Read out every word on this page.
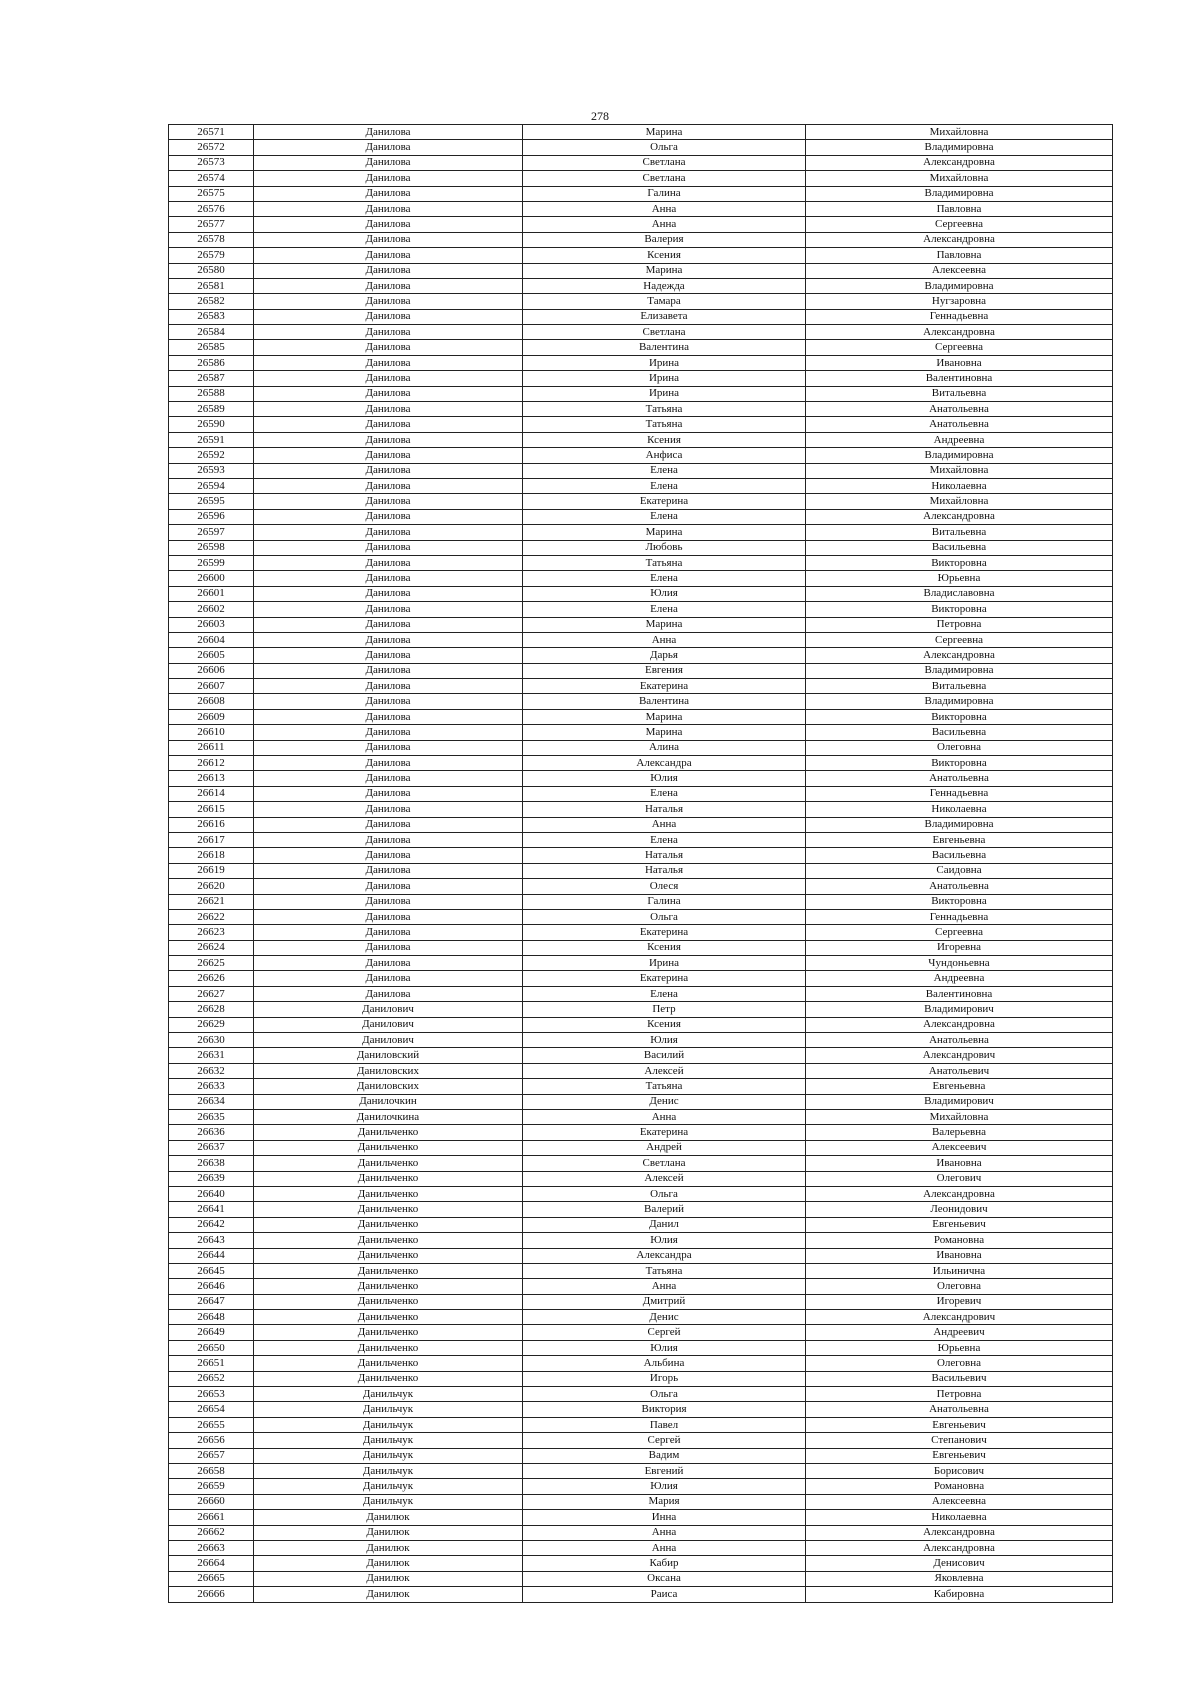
278
26571	Данилова	Марина	Михайловна
26572	Данилова	Ольга	Владимировна
26573	Данилова	Светлана	Александровна
26574	Данилова	Светлана	Михайловна
26575	Данилова	Галина	Владимировна
26576	Данилова	Анна	Павловна
26577	Данилова	Анна	Сергеевна
26578	Данилова	Валерия	Александровна
26579	Данилова	Ксения	Павловна
26580	Данилова	Марина	Алексеевна
26581	Данилова	Надежда	Владимировна
26582	Данилова	Тамара	Нугзаровна
26583	Данилова	Елизавета	Геннадьевна
26584	Данилова	Светлана	Александровна
26585	Данилова	Валентина	Сергеевна
26586	Данилова	Ирина	Ивановна
26587	Данилова	Ирина	Валентиновна
26588	Данилова	Ирина	Витальевна
26589	Данилова	Татьяна	Анатольевна
26590	Данилова	Татьяна	Анатольевна
26591	Данилова	Ксения	Андреевна
26592	Данилова	Анфиса	Владимировна
26593	Данилова	Елена	Михайловна
26594	Данилова	Елена	Николаевна
26595	Данилова	Екатерина	Михайловна
26596	Данилова	Елена	Александровна
26597	Данилова	Марина	Витальевна
26598	Данилова	Любовь	Васильевна
26599	Данилова	Татьяна	Викторовна
26600	Данилова	Елена	Юрьевна
26601	Данилова	Юлия	Владиславовна
26602	Данилова	Елена	Викторовна
26603	Данилова	Марина	Петровна
26604	Данилова	Анна	Сергеевна
26605	Данилова	Дарья	Александровна
26606	Данилова	Евгения	Владимировна
26607	Данилова	Екатерина	Витальевна
26608	Данилова	Валентина	Владимировна
26609	Данилова	Марина	Викторовна
26610	Данилова	Марина	Васильевна
26611	Данилова	Алина	Олеговна
26612	Данилова	Александра	Викторовна
26613	Данилова	Юлия	Анатольевна
26614	Данилова	Елена	Геннадьевна
26615	Данилова	Наталья	Николаевна
26616	Данилова	Анна	Владимировна
26617	Данилова	Елена	Евгеньевна
26618	Данилова	Наталья	Васильевна
26619	Данилова	Наталья	Саидовна
26620	Данилова	Олеся	Анатольевна
26621	Данилова	Галина	Викторовна
26622	Данилова	Ольга	Геннадьевна
26623	Данилова	Екатерина	Сергеевна
26624	Данилова	Ксения	Игоревна
26625	Данилова	Ирина	Чундоньевна
26626	Данилова	Екатерина	Андреевна
26627	Данилова	Елена	Валентиновна
26628	Данилович	Петр	Владимирович
26629	Данилович	Ксения	Александровна
26630	Данилович	Юлия	Анатольевна
26631	Даниловский	Василий	Александрович
26632	Даниловских	Алексей	Анатольевич
26633	Даниловских	Татьяна	Евгеньевна
26634	Данилочкин	Денис	Владимирович
26635	Данилочкина	Анна	Михайловна
26636	Данильченко	Екатерина	Валерьевна
26637	Данильченко	Андрей	Алексеевич
26638	Данильченко	Светлана	Ивановна
26639	Данильченко	Алексей	Олегович
26640	Данильченко	Ольга	Александровна
26641	Данильченко	Валерий	Леонидович
26642	Данильченко	Данил	Евгеньевич
26643	Данильченко	Юлия	Романовна
26644	Данильченко	Александра	Ивановна
26645	Данильченко	Татьяна	Ильинична
26646	Данильченко	Анна	Олеговна
26647	Данильченко	Дмитрий	Игоревич
26648	Данильченко	Денис	Александрович
26649	Данильченко	Сергей	Андреевич
26650	Данильченко	Юлия	Юрьевна
26651	Данильченко	Альбина	Олеговна
26652	Данильченко	Игорь	Васильевич
26653	Данильчук	Ольга	Петровна
26654	Данильчук	Виктория	Анатольевна
26655	Данильчук	Павел	Евгеньевич
26656	Данильчук	Сергей	Степанович
26657	Данильчук	Вадим	Евгеньевич
26658	Данильчук	Евгений	Борисович
26659	Данильчук	Юлия	Романовна
26660	Данильчук	Мария	Алексеевна
26661	Данилюк	Инна	Николаевна
26662	Данилюк	Анна	Александровна
26663	Данилюк	Анна	Александровна
26664	Данилюк	Кабир	Денисович
26665	Данилюк	Оксана	Яковлевна
26666	Данилюк	Раиса	Кабировна
